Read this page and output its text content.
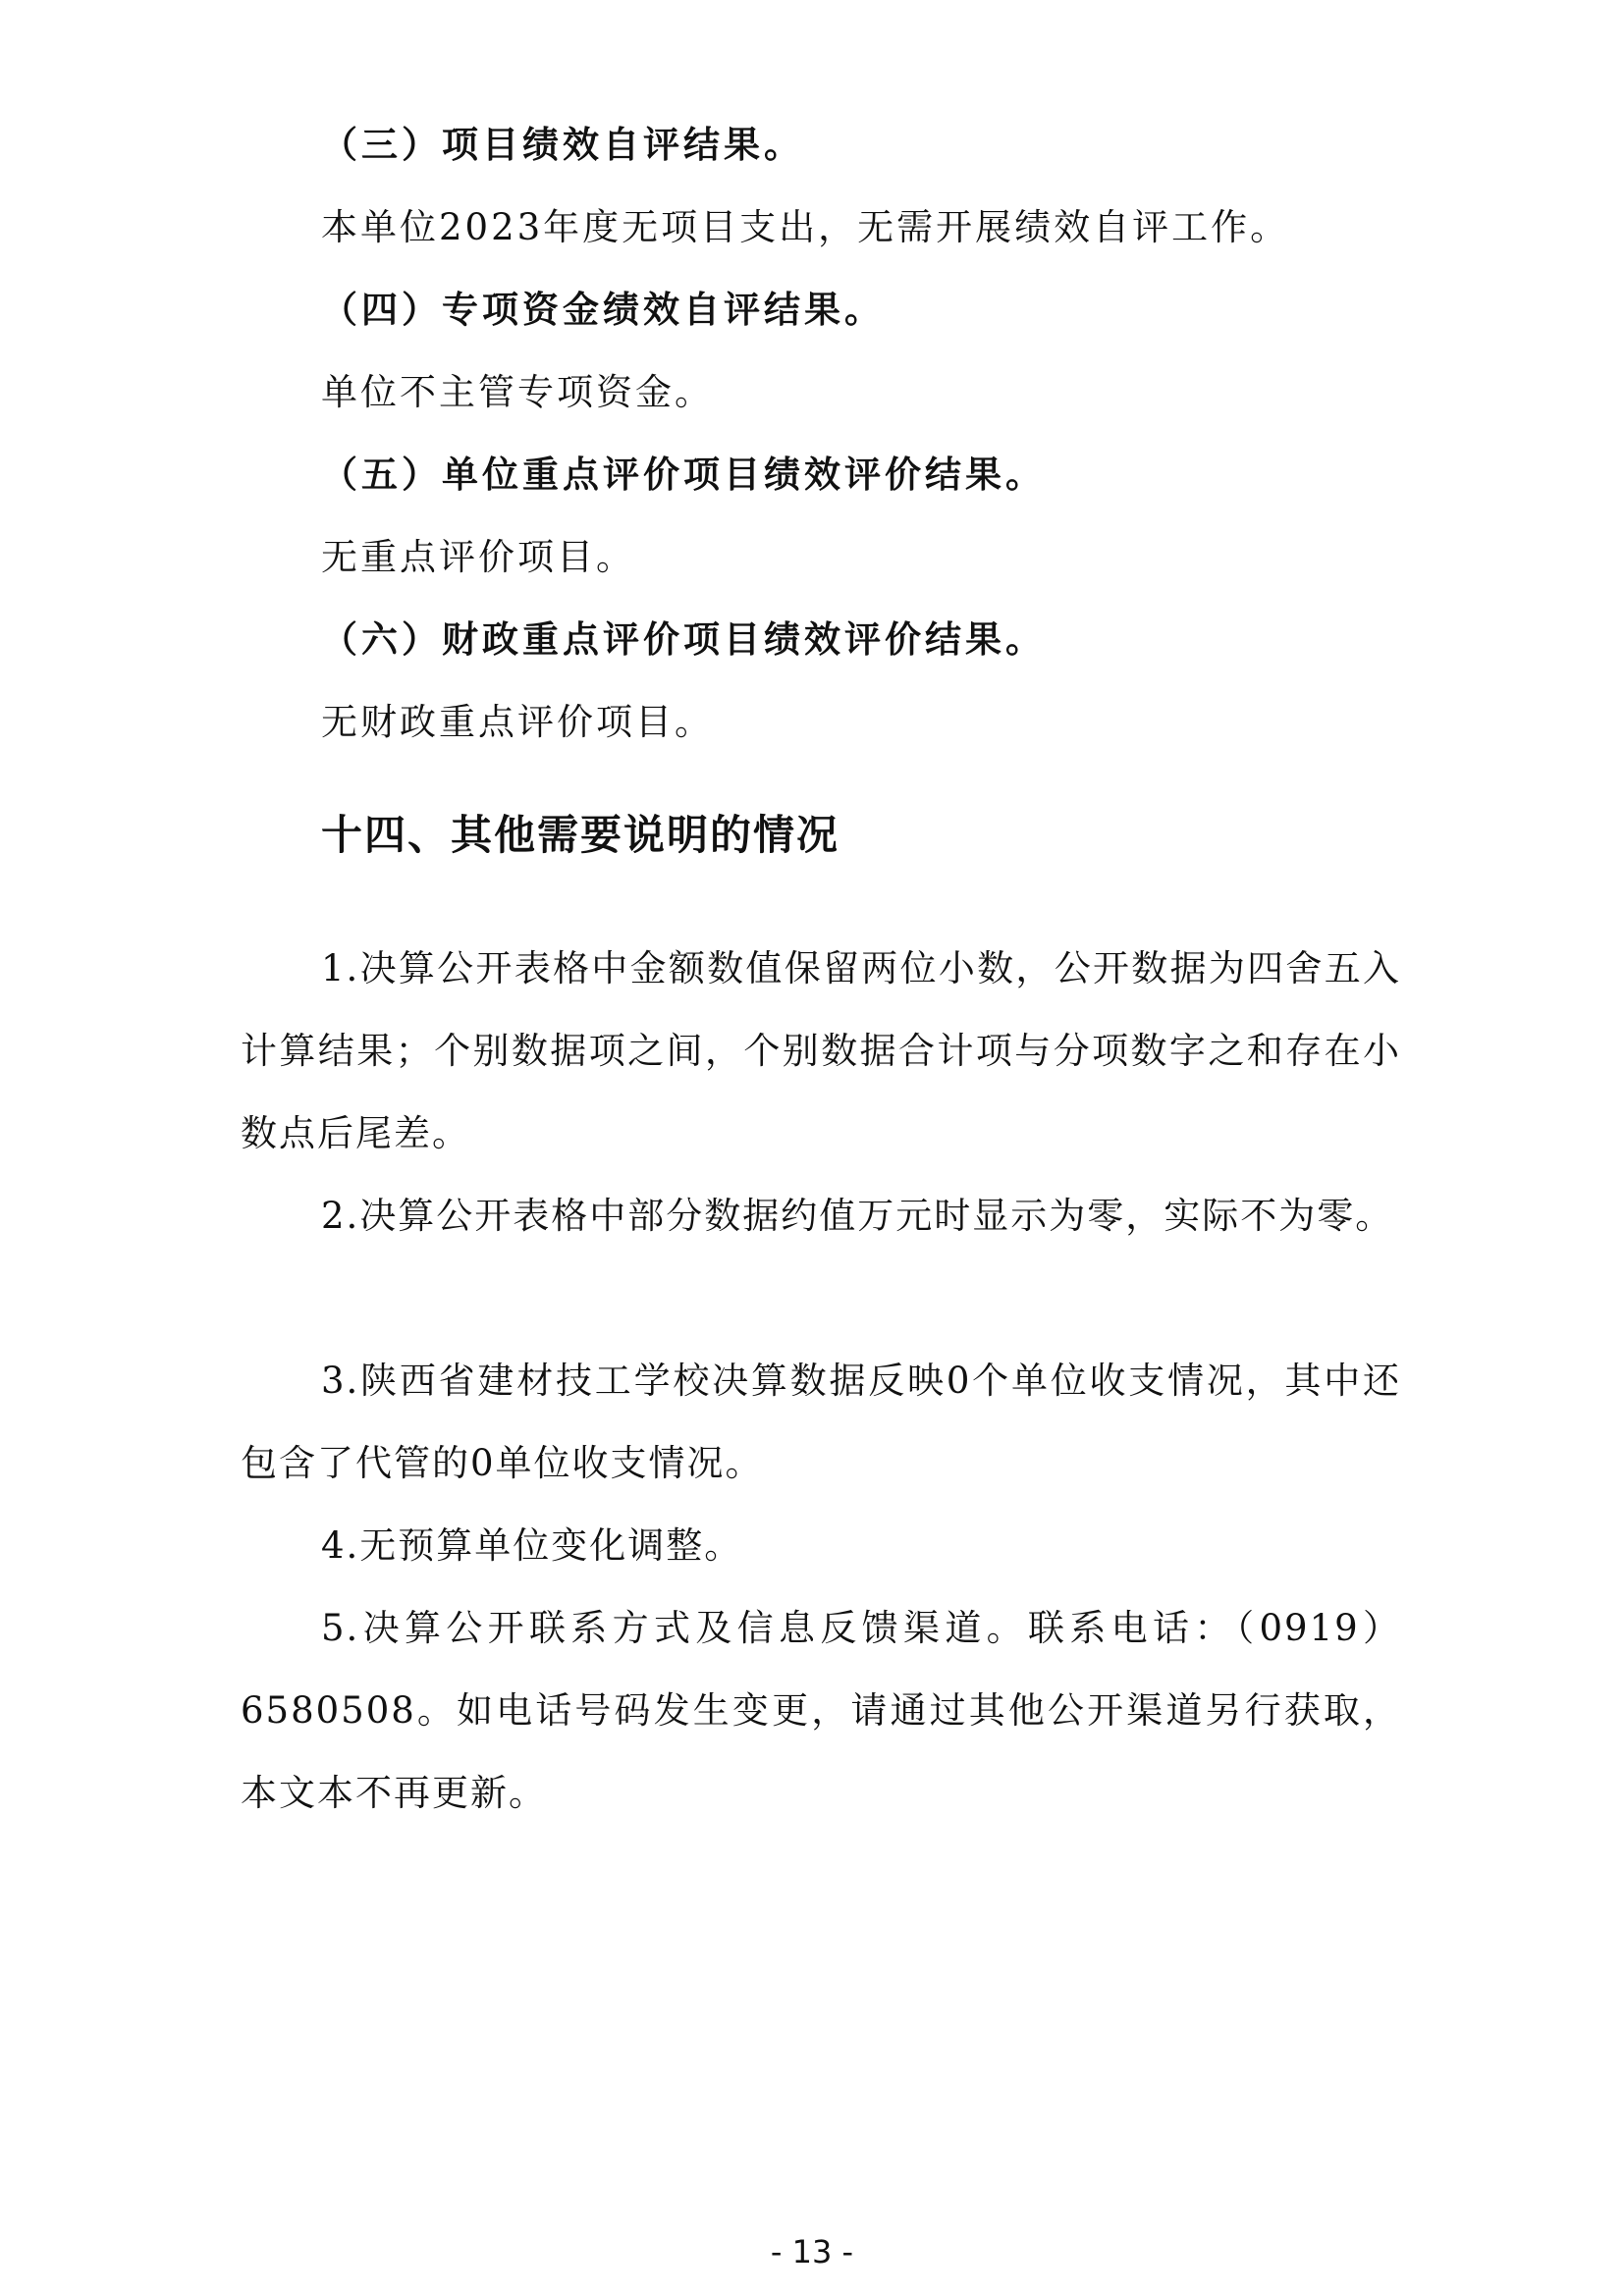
（三）项目绩效自评结果。
本单位2023年度无项目支出，无需开展绩效自评工作。
（四）专项资金绩效自评结果。
单位不主管专项资金。
（五）单位重点评价项目绩效评价结果。
无重点评价项目。
（六）财政重点评价项目绩效评价结果。
无财政重点评价项目。
十四、其他需要说明的情况

1.决算公开表格中金额数值保留两位小数，公开数据为四舍五入计算结果；个别数据项之间，个别数据合计项与分项数字之和存在小数点后尾差。

2.决算公开表格中部分数据约值万元时显示为零，实际不为零。

3.陕西省建材技工学校决算数据反映0个单位收支情况，其中还包含了代管的0单位收支情况。

4.无预算单位变化调整。

5.决算公开联系方式及信息反馈渠道。联系电话：（0919）6580508。如电话号码发生变更，请通过其他公开渠道另行获取，本文本不再更新。

- 13 -
